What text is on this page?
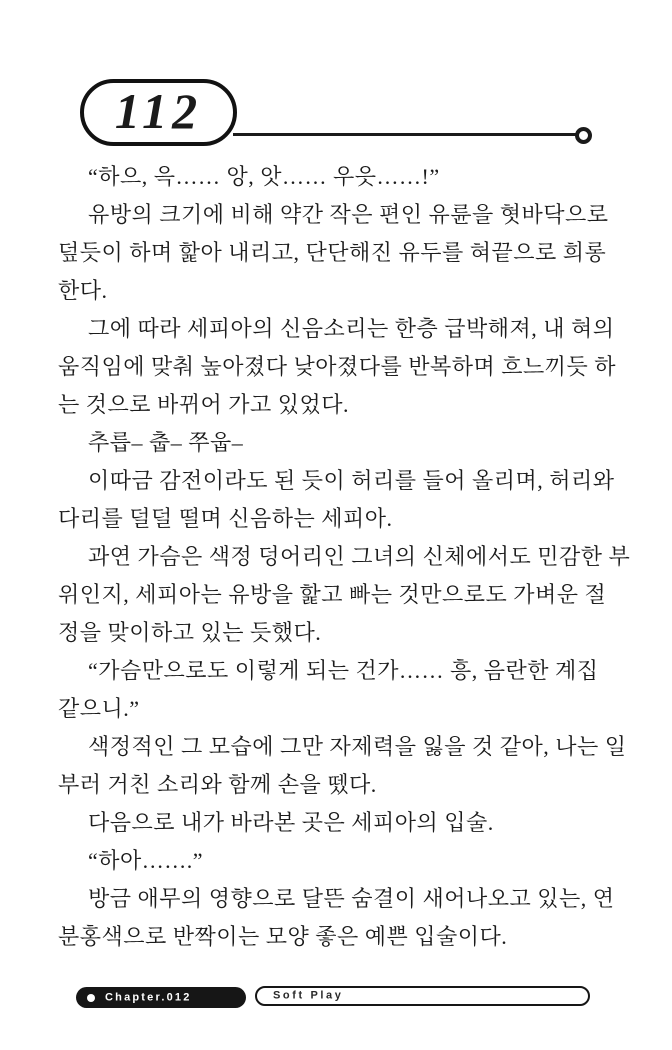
112
“하으, 윽…… 앙, 앗…… 우읏……!”
유방의 크기에 비해 약간 작은 편인 유륜을 혓바닥으로
덮듯이 하며 핥아 내리고, 단단해진 유두를 혀끝으로 희롱
한다.
그에 따라 세피아의 신음소리는 한층 급박해져, 내 혀의
움직임에 맞춰 높아졌다 낮아졌다를 반복하며 흐느끼듯 하
는 것으로 바뀌어 가고 있었다.
추릅– 춥– 쭈웁–
이따금 감전이라도 된 듯이 허리를 들어 올리며, 허리와
다리를 덜덜 떨며 신음하는 세피아.
과연 가슴은 색정 덩어리인 그녀의 신체에서도 민감한 부
위인지, 세피아는 유방을 핥고 빠는 것만으로도 가벼운 절
정을 맞이하고 있는 듯했다.
“가슴만으로도 이렇게 되는 건가…… 흥, 음란한 계집
같으니.”
색정적인 그 모습에 그만 자제력을 잃을 것 같아, 나는 일
부러 거친 소리와 함께 손을 뗐다.
다음으로 내가 바라본 곳은 세피아의 입술.
“하아…….”
방금 애무의 영향으로 달뜬 숨결이 새어나오고 있는, 연
분홍색으로 반짝이는 모양 좋은 예쁜 입술이다.
Chapter.012	Soft Play
